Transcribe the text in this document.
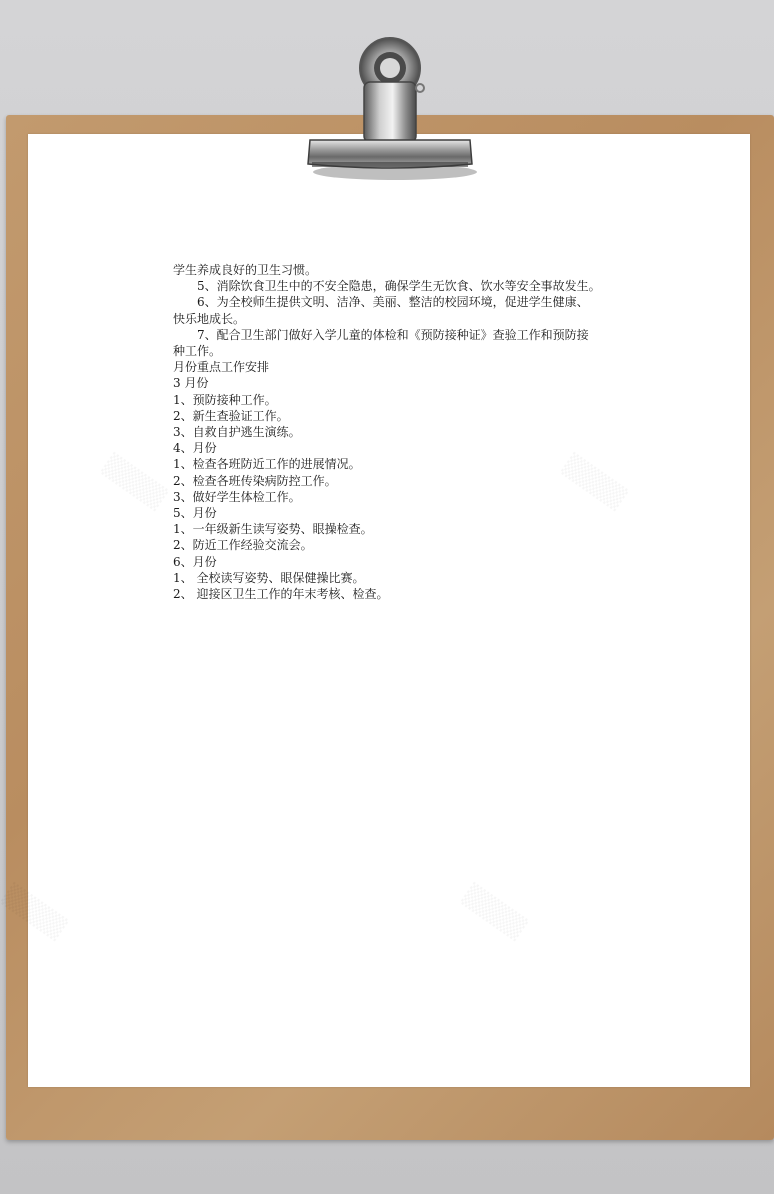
学生养成良好的卫生习惯。
5、消除饮食卫生中的不安全隐患，确保学生无饮食、饮水等安全事故发生。
6、为全校师生提供文明、洁净、美丽、整洁的校园环境，促进学生健康、
快乐地成长。
7、配合卫生部门做好入学儿童的体检和《预防接种证》查验工作和预防接
种工作。
月份重点工作安排
3 月份
1、预防接种工作。
2、新生查验证工作。
3、自救自护逃生演练。
4、月份
1、检查各班防近工作的进展情况。
2、检查各班传染病防控工作。
3、做好学生体检工作。
5、月份
1、一年级新生读写姿势、眼操检查。
2、防近工作经验交流会。
6、月份
1、 全校读写姿势、眼保健操比赛。
2、 迎接区卫生工作的年末考核、检查。
